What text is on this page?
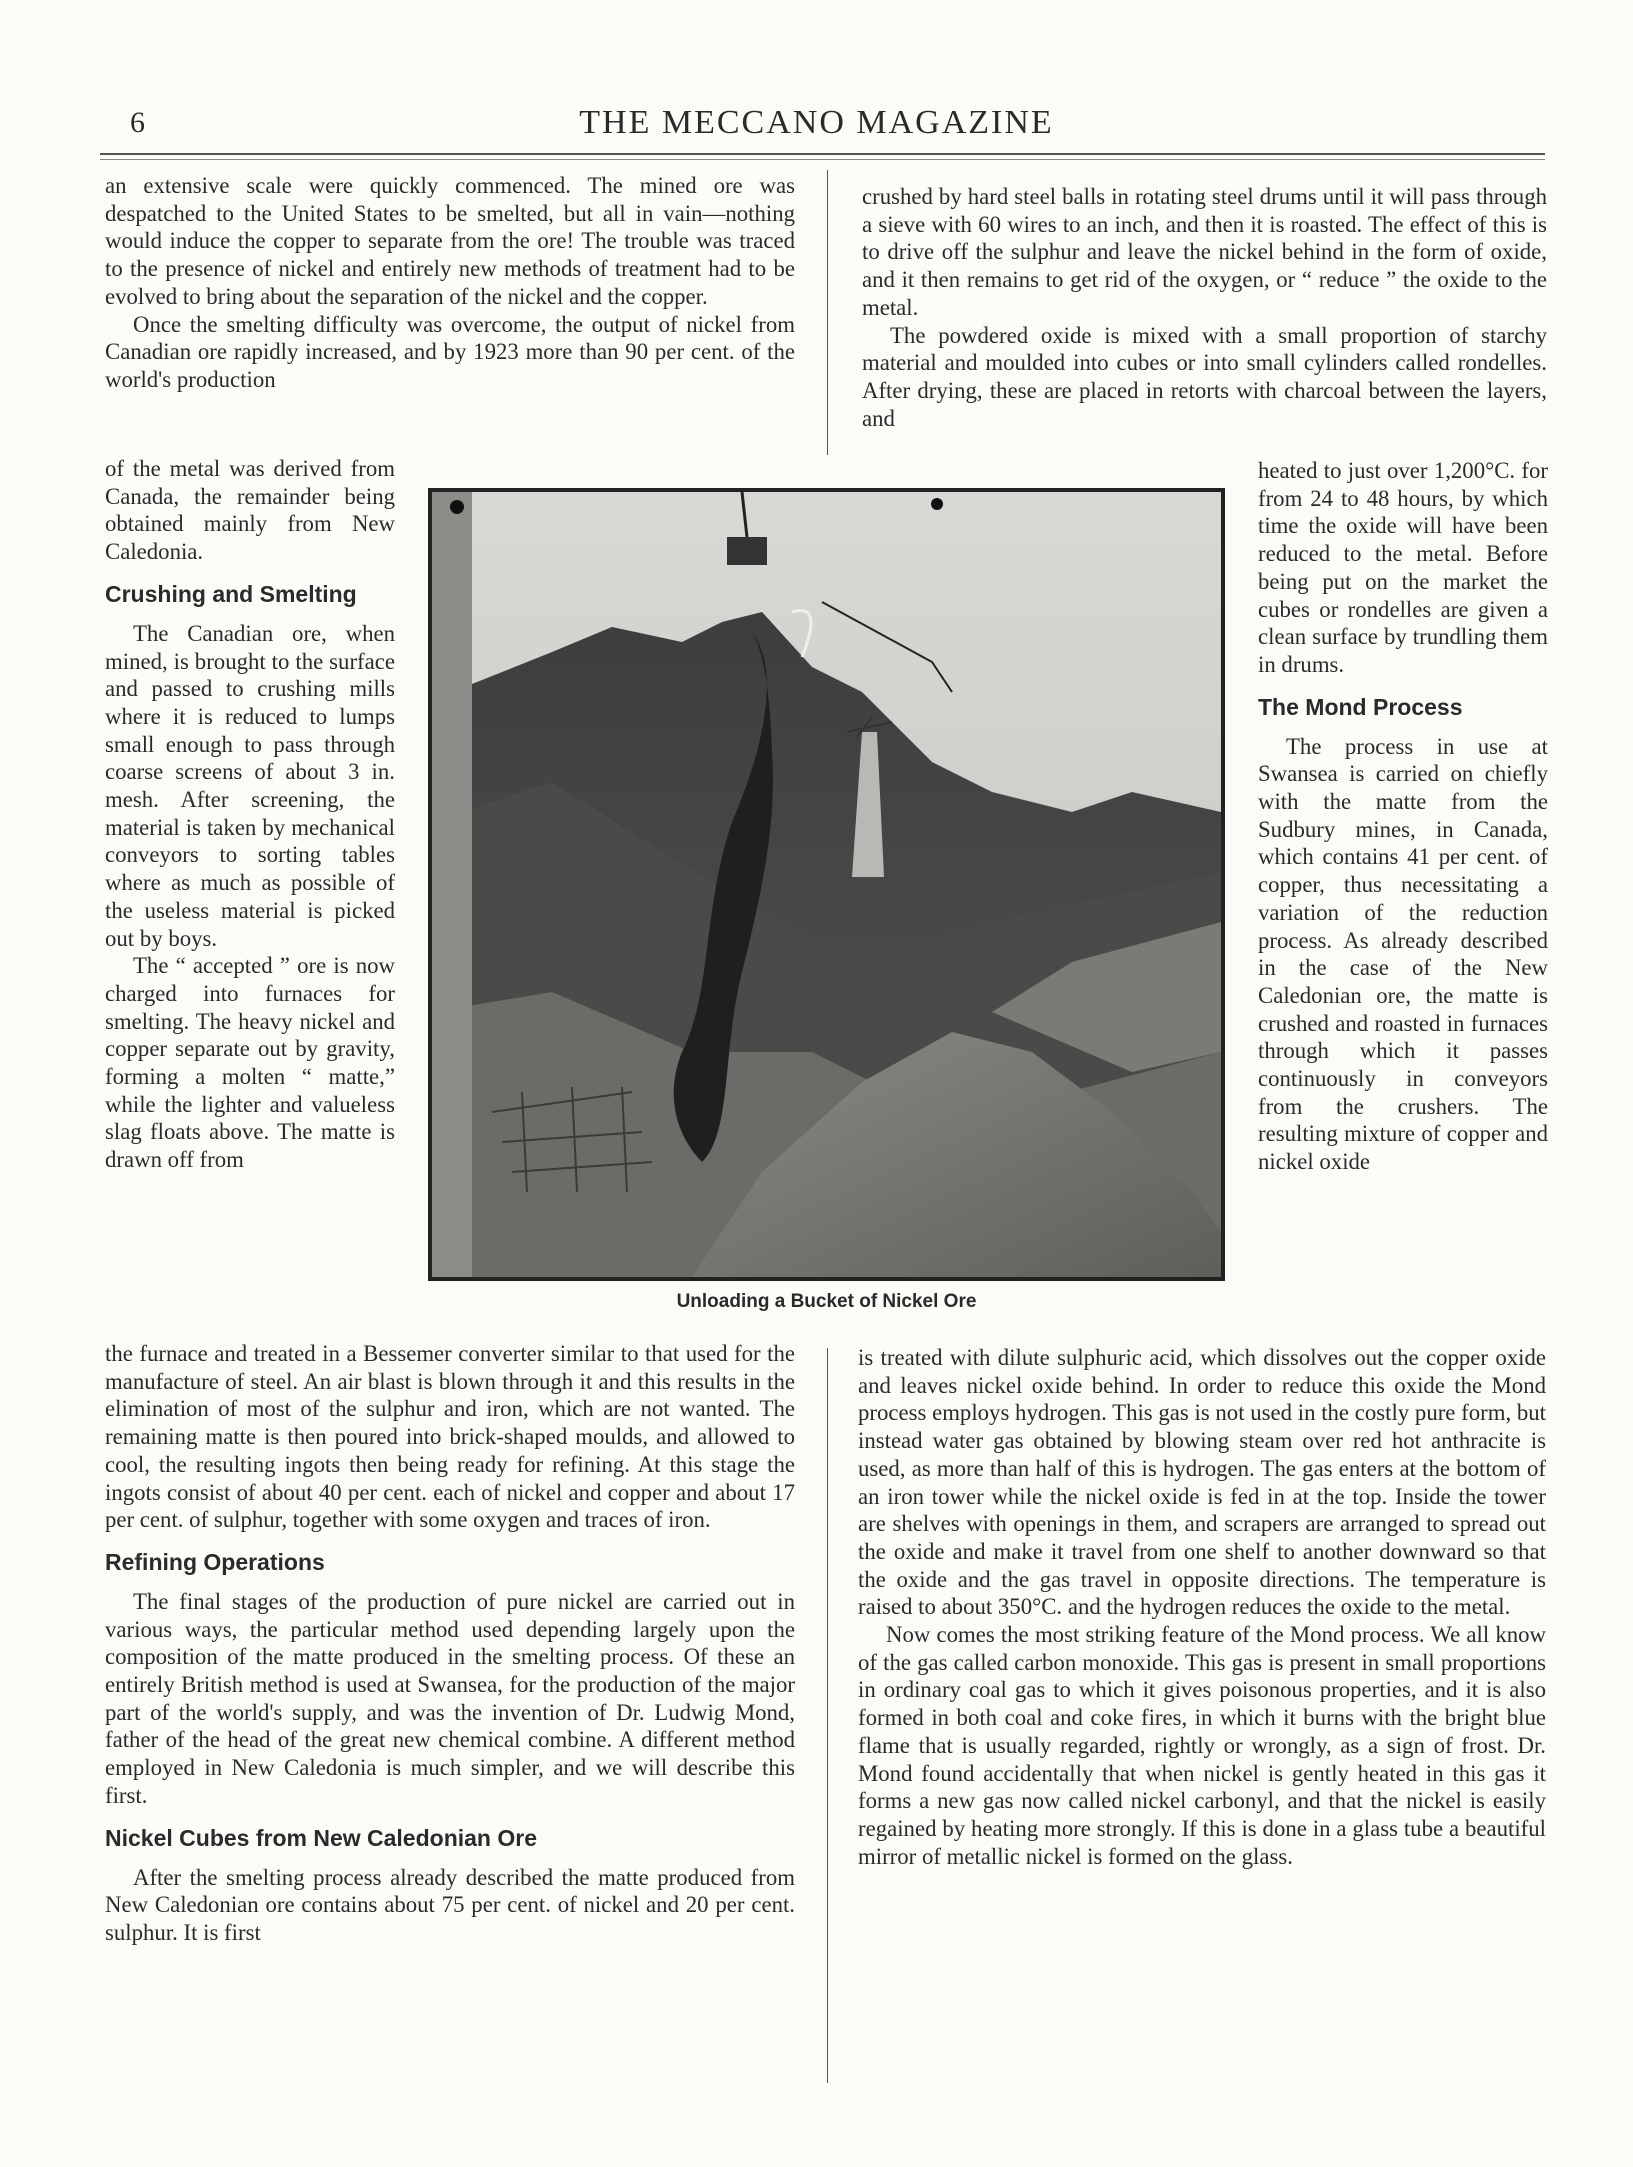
6	THE MECCANO MAGAZINE

an extensive scale were quickly commenced. The mined ore was despatched to the United States to be smelted, but all in vain—nothing would induce the copper to separate from the ore! The trouble was traced to the presence of nickel and entirely new methods of treatment had to be evolved to bring about the separation of the nickel and the copper.

Once the smelting difficulty was overcome, the output of nickel from Canadian ore rapidly increased, and by 1923 more than 90 per cent. of the world's production

of the metal was derived from Canada, the remainder being obtained mainly from New Caledonia.

Crushing and Smelting

The Canadian ore, when mined, is brought to the surface and passed to crushing mills where it is reduced to lumps small enough to pass through coarse screens of about 3 in. mesh. After screening, the material is taken by mechanical conveyors to sorting tables where as much as possible of the useless material is picked out by boys.

The “ accepted ” ore is now charged into furnaces for smelting. The heavy nickel and copper separate out by gravity, forming a molten “ matte,” while the lighter and valueless slag floats above. The matte is drawn off from

the furnace and treated in a Bessemer converter similar to that used for the manufacture of steel. An air blast is blown through it and this results in the elimination of most of the sulphur and iron, which are not wanted. The remaining matte is then poured into brick-shaped moulds, and allowed to cool, the resulting ingots then being ready for refining. At this stage the ingots consist of about 40 per cent. each of nickel and copper and about 17 per cent. of sulphur, together with some oxygen and traces of iron.

Refining Operations

The final stages of the production of pure nickel are carried out in various ways, the particular method used depending largely upon the composition of the matte produced in the smelting process. Of these an entirely British method is used at Swansea, for the production of the major part of the world's supply, and was the invention of Dr. Ludwig Mond, father of the head of the great new chemical combine. A different method employed in New Caledonia is much simpler, and we will describe this first.

Nickel Cubes from New Caledonian Ore

After the smelting process already described the matte produced from New Caledonian ore contains about 75 per cent. of nickel and 20 per cent. sulphur. It is first

crushed by hard steel balls in rotating steel drums until it will pass through a sieve with 60 wires to an inch, and then it is roasted. The effect of this is to drive off the sulphur and leave the nickel behind in the form of oxide, and it then remains to get rid of the oxygen, or “ reduce ” the oxide to the metal.

The powdered oxide is mixed with a small proportion of starchy material and moulded into cubes or into small cylinders called rondelles. After drying, these are placed in retorts with charcoal between the layers, and

heated to just over 1,200°C. for from 24 to 48 hours, by which time the oxide will have been reduced to the metal. Before being put on the market the cubes or rondelles are given a clean surface by trundling them in drums.

The Mond Process

The process in use at Swansea is carried on chiefly with the matte from the Sudbury mines, in Canada, which contains 41 per cent. of copper, thus necessitating a variation of the reduction process. As already described in the case of the New Caledonian ore, the matte is crushed and roasted in furnaces through which it passes continuously in conveyors from the crushers. The resulting mixture of copper and nickel oxide

is treated with dilute sulphuric acid, which dissolves out the copper oxide and leaves nickel oxide behind. In order to reduce this oxide the Mond process employs hydrogen. This gas is not used in the costly pure form, but instead water gas obtained by blowing steam over red hot anthracite is used, as more than half of this is hydrogen. The gas enters at the bottom of an iron tower while the nickel oxide is fed in at the top. Inside the tower are shelves with openings in them, and scrapers are arranged to spread out the oxide and make it travel from one shelf to another downward so that the oxide and the gas travel in opposite directions. The temperature is raised to about 350°C. and the hydrogen reduces the oxide to the metal.

Now comes the most striking feature of the Mond process. We all know of the gas called carbon monoxide. This gas is present in small proportions in ordinary coal gas to which it gives poisonous properties, and it is also formed in both coal and coke fires, in which it burns with the bright blue flame that is usually regarded, rightly or wrongly, as a sign of frost. Dr. Mond found accidentally that when nickel is gently heated in this gas it forms a new gas now called nickel carbonyl, and that the nickel is easily regained by heating more strongly. If this is done in a glass tube a beautiful mirror of metallic nickel is formed on the glass.

Unloading a Bucket of Nickel Ore
